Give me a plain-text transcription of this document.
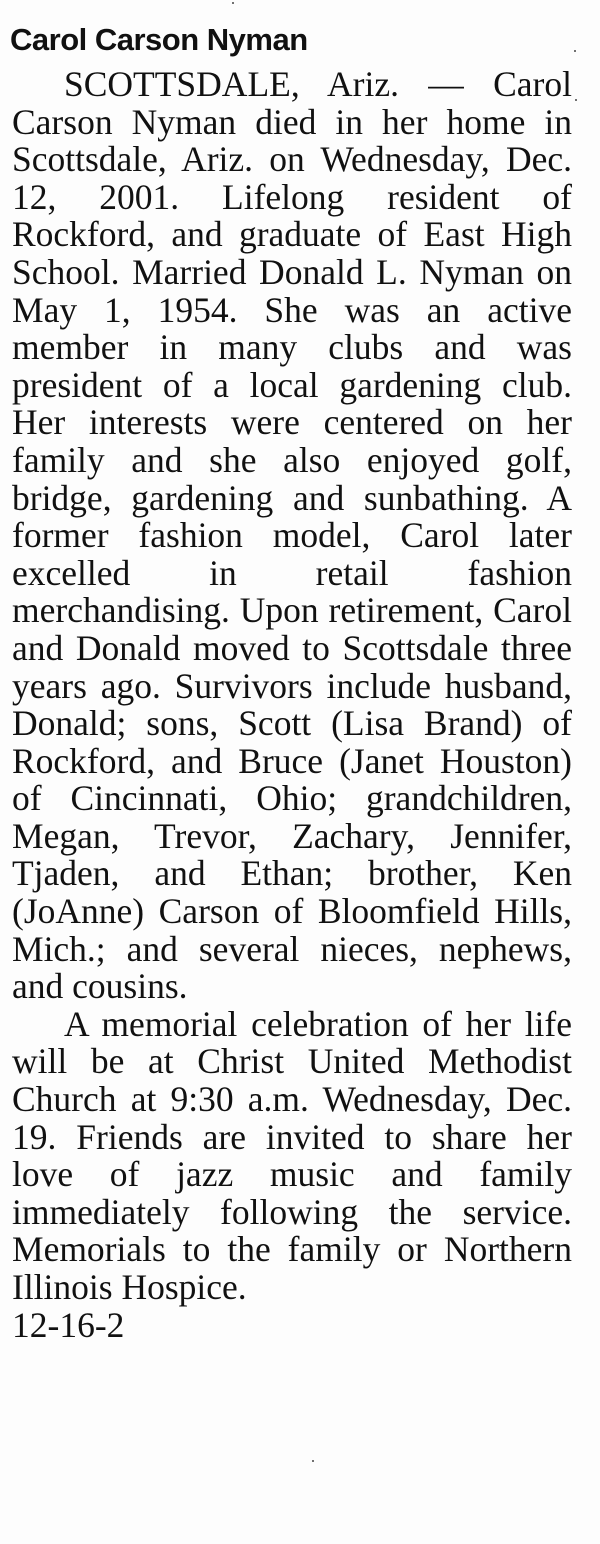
Carol Carson Nyman

SCOTTSDALE, Ariz. — Carol Carson Nyman died in her home in Scottsdale, Ariz. on Wednesday, Dec. 12, 2001. Lifelong resident of Rockford, and graduate of East High School. Married Donald L. Nyman on May 1, 1954. She was an active member in many clubs and was president of a local gardening club. Her interests were centered on her family and she also enjoyed golf, bridge, gardening and sunbathing. A former fashion model, Carol later excelled in retail fashion merchandising. Upon retirement, Carol and Donald moved to Scottsdale three years ago. Survivors include husband, Donald; sons, Scott (Lisa Brand) of Rockford, and Bruce (Janet Houston) of Cincinnati, Ohio; grandchildren, Megan, Trevor, Zachary, Jennifer, Tjaden, and Ethan; brother, Ken (JoAnne) Carson of Bloomfield Hills, Mich.; and several nieces, nephews, and cousins.

A memorial celebration of her life will be at Christ United Methodist Church at 9:30 a.m. Wednesday, Dec. 19. Friends are invited to share her love of jazz music and family immediately following the service. Memorials to the family or Northern Illinois Hospice.

12-16-2
